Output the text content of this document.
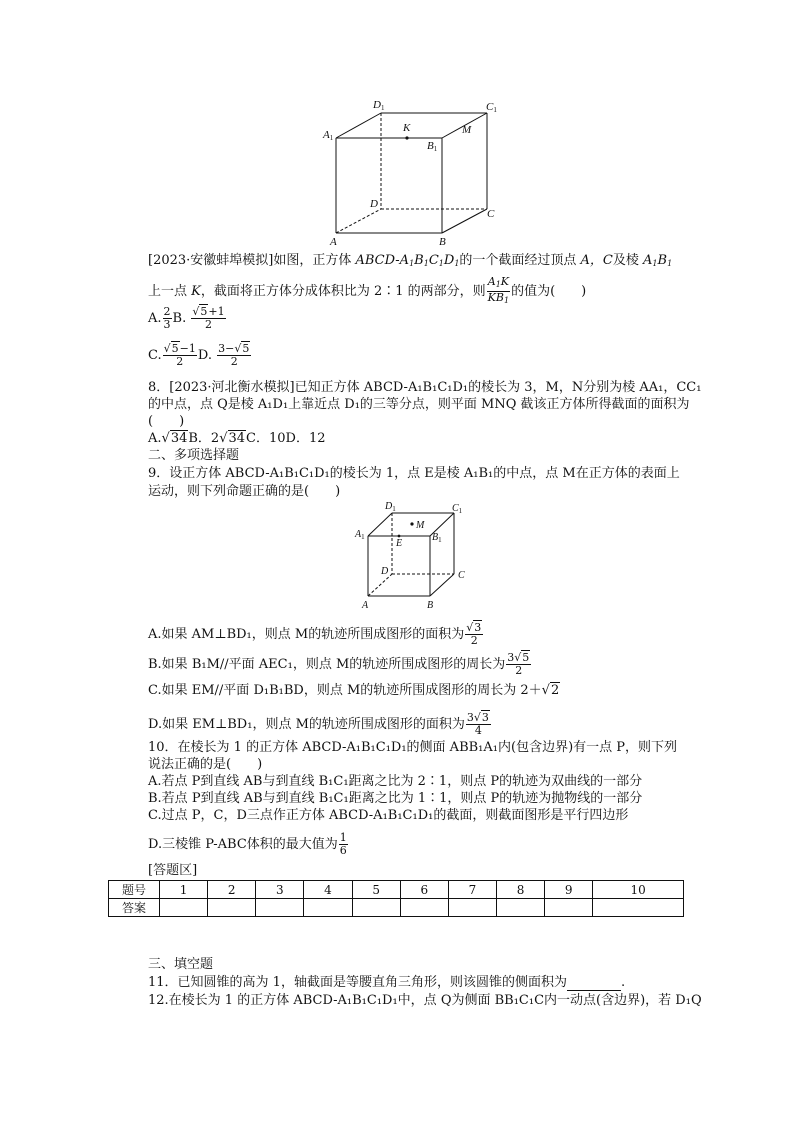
D1	C1
A1
B1
K	M
D
C
A	B
[2023·安徽蚌埠模拟]如图，正方体 ABCD-$A_1B_1C_1D_1$的一个截面经过顶点 A，C及棱 $A_1B_1$
上一点 K，截面将正方体分成体积比为 2∶1 的两部分，则 $\frac{A_1K}{KB_1}$ 的值为(　　)
A. $\frac{2}{3} B$. $\frac{√5+1}{2}$
C. $\frac{√5-1}{2} D$. $\frac{3-√5}{2}$
8．[2023·河北衡水模拟]已知正方体 ABCD-A₁B₁C₁D₁的棱长为 3，M，N分别为棱 AA₁，CC₁
的中点，点 Q是棱 A₁D₁上靠近点 D₁的三等分点，则平面 MNQ 截该正方体所得截面的面积为
(　　)
A.√34B．2√34C．10D．12
二、多项选择题
9．设正方体 ABCD-A₁B₁C₁D₁的棱长为 1，点 E是棱 A₁B₁的中点，点 M在正方体的表面上
运动，则下列命题正确的是(　　)
$D_1$	$C_1$
$A_1$	$B_1$
M
E
D	C
A	B
A.如果 AM⊥BD₁，则点 M的轨迹所围成图形的面积为 $\frac{√3}{2}$
B.如果 B₁M//平面 AEC₁，则点 M的轨迹所围成图形的周长为 $\frac{3√5}{2}$
C.如果 EM//平面 D₁B₁BD，则点 M的轨迹所围成图形的周长为 2＋√2
D.如果 EM⊥BD₁，则点 M的轨迹所围成图形的面积为 $\frac{3√3}{4}$
10．在棱长为 1 的正方体 ABCD-A₁B₁C₁D₁的侧面 ABB₁A₁内(包含边界)有一点 P，则下列
说法正确的是(　　)
A.若点 P到直线 AB与到直线 B₁C₁距离之比为 2∶1，则点 P的轨迹为双曲线的一部分
B.若点 P到直线 AB与到直线 B₁C₁距离之比为 1∶1，则点 P的轨迹为抛物线的一部分
C.过点 P，C，D三点作正方体 ABCD-A₁B₁C₁D₁的截面，则截面图形是平行四边形
D.三棱锥 P-ABC体积的最大值为 $\frac{1}{6}$
[答题区]
题号	1	2	3	4	5	6	7	8	9	10
答案										
三、填空题
11．已知圆锥的高为 1，轴截面是等腰直角三角形，则该圆锥的侧面积为	.
12.在棱长为 1 的正方体 ABCD-A₁B₁C₁D₁中，点 Q为侧面 BB₁C₁C内一动点(含边界)，若 D₁Q
